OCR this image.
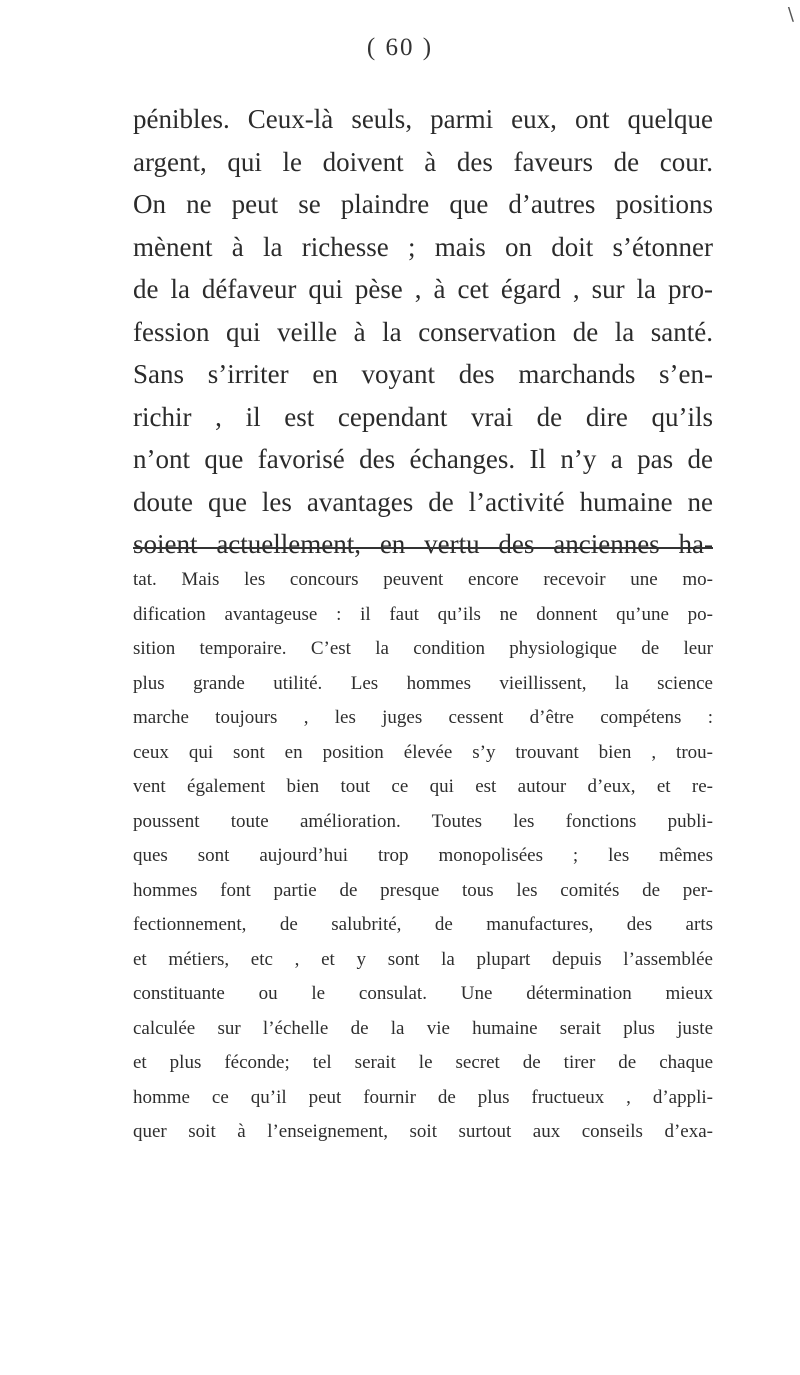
\
( 60 )
pénibles. Ceux-là seuls, parmi eux, ont quelque
argent, qui le doivent à des faveurs de cour.
On ne peut se plaindre que d’autres positions
mènent à la richesse ; mais on doit s’étonner
de la défaveur qui pèse , à cet égard , sur la pro-
fession qui veille à la conservation de la santé.
Sans s’irriter en voyant des marchands s’en-
richir , il est cependant vrai de dire qu’ils
n’ont que favorisé des échanges. Il n’y a pas de
doute que les avantages de l’activité humaine ne
soient actuellement, en vertu des anciennes ha-
tat. Mais les concours peuvent encore recevoir une mo-
dification avantageuse : il faut qu’ils ne donnent qu’une po-
sition temporaire. C’est la condition physiologique de leur
plus grande utilité. Les hommes vieillissent, la science
marche toujours , les juges cessent d’être compétens :
ceux qui sont en position élevée s’y trouvant bien , trou-
vent également bien tout ce qui est autour d’eux, et re-
poussent toute amélioration. Toutes les fonctions publi-
ques sont aujourd’hui trop monopolisées ; les mêmes
hommes font partie de presque tous les comités de per-
fectionnement, de salubrité, de manufactures, des arts
et métiers, etc , et y sont la plupart depuis l’assemblée
constituante ou le consulat. Une détermination mieux
calculée sur l’échelle de la vie humaine serait plus juste
et plus féconde; tel serait le secret de tirer de chaque
homme ce qu’il peut fournir de plus fructueux , d’appli-
quer soit à l’enseignement, soit surtout aux conseils d’exa-
